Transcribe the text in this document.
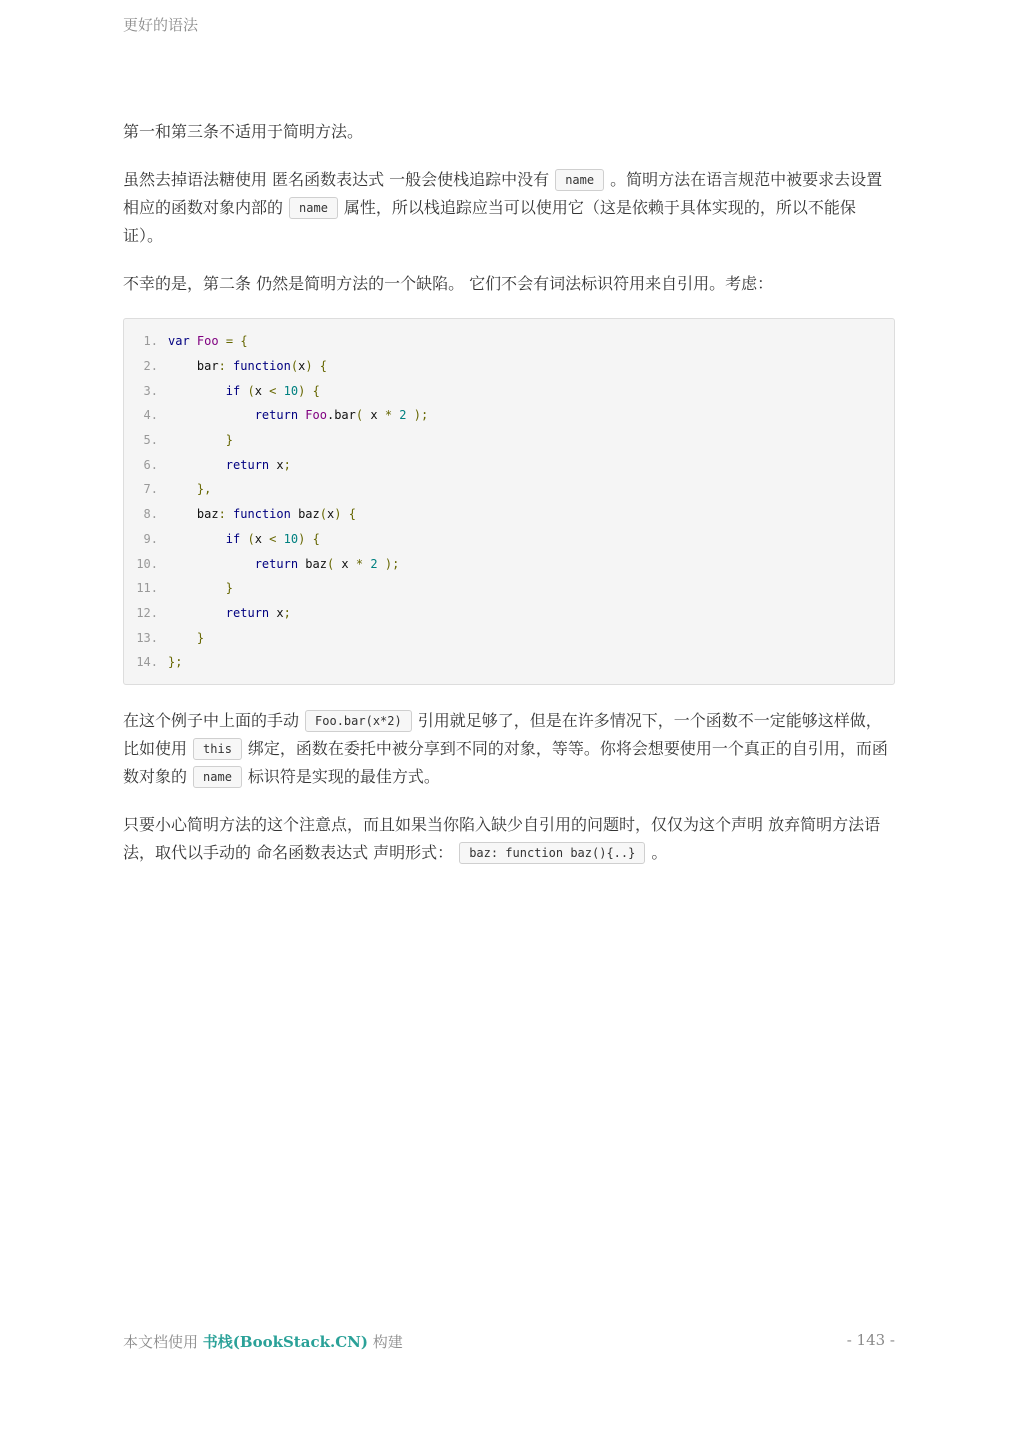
更好的语法

第一和第三条不适用于简明方法。

虽然去掉语法糖使用 匿名函数表达式 一般会使栈追踪中没有 name 。简明方法在语言规范中被要求去设置相应的函数对象内部的 name 属性，所以栈追踪应当可以使用它（这是依赖于具体实现的，所以不能保证）。

不幸的是，第二条 仍然是简明方法的一个缺陷。 它们不会有词法标识符用来自引用。考虑：

1. var Foo = {
2. bar: function(x) {
3.	if (x < 10) {
4.	return Foo.bar( x * 2 );
5.	}
6.	return x;
7.	},
8. baz: function baz(x) {
9.	if (x < 10) {
10.	return baz( x * 2 );
11.	}
12.	return x;
13.	}
14. };

在这个例子中上面的手动 Foo.bar(x*2) 引用就足够了，但是在许多情况下，一个函数不一定能够这样做，比如使用 this 绑定，函数在委托中被分享到不同的对象，等等。你将会想要使用一个真正的自引用，而函数对象的 name 标识符是实现的最佳方式。

只要小心简明方法的这个注意点，而且如果当你陷入缺少自引用的问题时，仅仅为这个声明 放弃简明方法语法，取代以手动的 命名函数表达式 声明形式： baz: function baz(){..} 。

本文档使用 书栈(BookStack.CN) 构建	- 143 -
